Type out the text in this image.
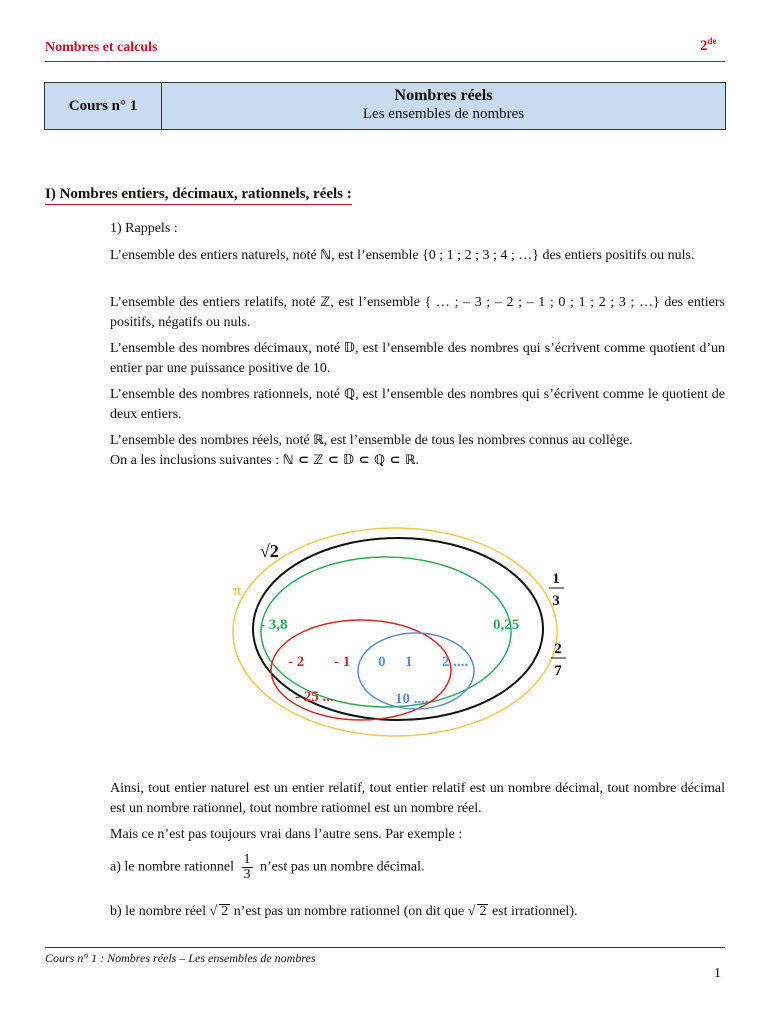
Nombres et calculs	2de
Cours n° 1
Nombres réels
Les ensembles de nombres
I) Nombres entiers, décimaux, rationnels, réels :
1) Rappels :
L’ensemble des entiers naturels, noté ℕ, est l’ensemble {0 ; 1 ; 2 ; 3 ; 4 ; …} des entiers positifs ou nuls.
L’ensemble des entiers relatifs, noté ℤ, est l’ensemble { … ; – 3 ; – 2 ; – 1 ; 0 ; 1 ; 2 ; 3 ; …} des entiers positifs, négatifs ou nuls.
L’ensemble des nombres décimaux, noté 𝔻, est l’ensemble des nombres qui s’écrivent comme quotient d’un entier par une puissance positive de 10.
L’ensemble des nombres rationnels, noté ℚ, est l’ensemble des nombres qui s’écrivent comme le quotient de deux entiers.
L’ensemble des nombres réels, noté ℝ, est l’ensemble de tous les nombres connus au collège.
On a les inclusions suivantes : ℕ ⊂ ℤ ⊂ 𝔻 ⊂ ℚ ⊂ ℝ.
√2
π
1
3
2
7
- 3,8	0,25
- 2 - 1
- 25 ...
0 1 2 ....
10 ....
Ainsi, tout entier naturel est un entier relatif, tout entier relatif est un nombre décimal, tout nombre décimal est un nombre rationnel, tout nombre rationnel est un nombre réel.
Mais ce n’est pas toujours vrai dans l’autre sens. Par exemple :
a) le nombre rationnel $\frac{1}{3}$ n’est pas un nombre décimal.
b) le nombre réel √ 2 n’est pas un nombre rationnel (on dit que √ 2 est irrationnel).
Cours n° 1 : Nombres réels – Les ensembles de nombres
1
